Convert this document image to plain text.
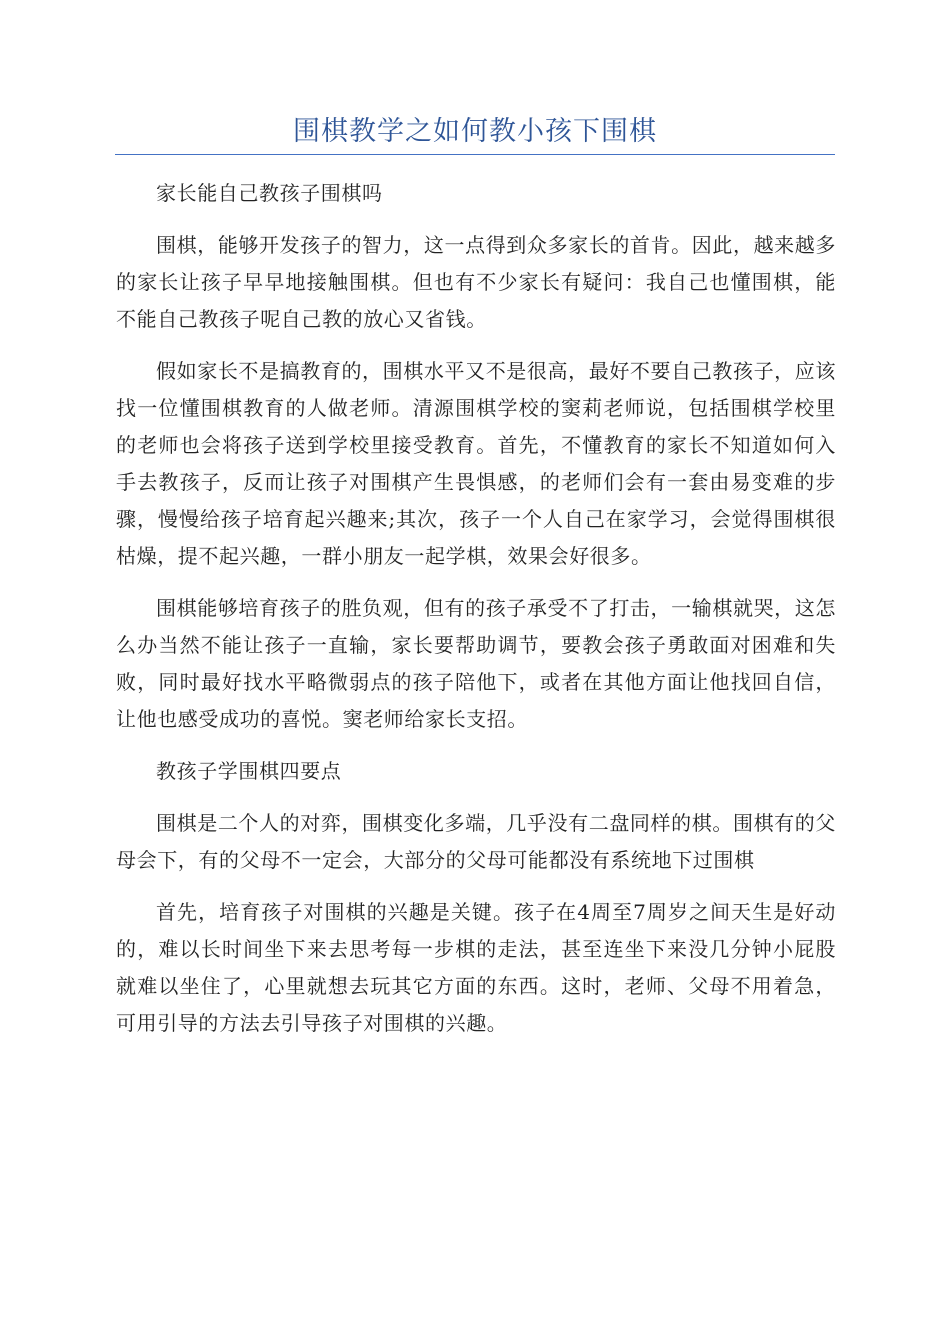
围棋教学之如何教小孩下围棋

家长能自己教孩子围棋吗

围棋，能够开发孩子的智力，这一点得到众多家长的首肯。因此，越来越多的家长让孩子早早地接触围棋。但也有不少家长有疑问：我自己也懂围棋，能不能自己教孩子呢自己教的放心又省钱。

假如家长不是搞教育的，围棋水平又不是很高，最好不要自己教孩子，应该找一位懂围棋教育的人做老师。清源围棋学校的窦莉老师说，包括围棋学校里的老师也会将孩子送到学校里接受教育。首先，不懂教育的家长不知道如何入手去教孩子，反而让孩子对围棋产生畏惧感，的老师们会有一套由易变难的步骤，慢慢给孩子培育起兴趣来;其次，孩子一个人自己在家学习，会觉得围棋很枯燥，提不起兴趣，一群小朋友一起学棋，效果会好很多。

围棋能够培育孩子的胜负观，但有的孩子承受不了打击，一输棋就哭，这怎么办当然不能让孩子一直输，家长要帮助调节，要教会孩子勇敢面对困难和失败，同时最好找水平略微弱点的孩子陪他下，或者在其他方面让他找回自信，让他也感受成功的喜悦。窦老师给家长支招。

教孩子学围棋四要点

围棋是二个人的对弈，围棋变化多端，几乎没有二盘同样的棋。围棋有的父母会下，有的父母不一定会，大部分的父母可能都没有系统地下过围棋

首先，培育孩子对围棋的兴趣是关键。孩子在4周至7周岁之间天生是好动的，难以长时间坐下来去思考每一步棋的走法，甚至连坐下来没几分钟小屁股就难以坐住了，心里就想去玩其它方面的东西。这时，老师、父母不用着急，可用引导的方法去引导孩子对围棋的兴趣。
